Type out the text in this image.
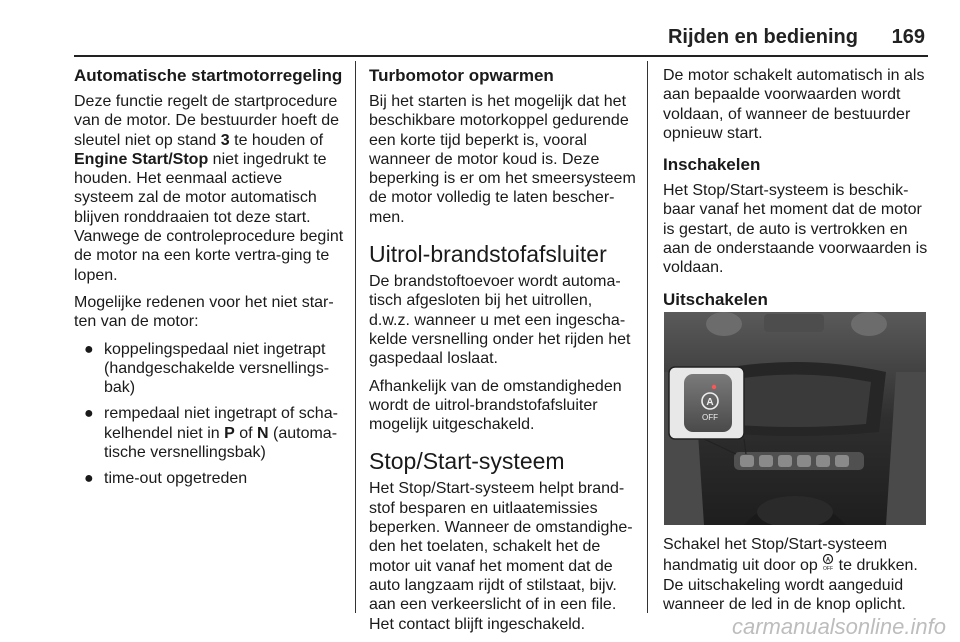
Rijden en bediening 169
Automatische startmotorregeling

Deze functie regelt de startprocedure van de motor. De bestuurder hoeft de sleutel niet op stand 3 te houden of Engine Start/Stop niet ingedrukt te houden. Het eenmaal actieve systeem zal de motor automatisch blijven ronddraaien tot deze start. Vanwege de controleprocedure begint de motor na een korte vertra-ging te lopen.

Mogelijke redenen voor het niet star-ten van de motor:

● koppelingspedaal niet ingetrapt (handgeschakelde versnellings-bak)
● rempedaal niet ingetrapt of scha-kelhendel niet in P of N (automa-tische versnellingsbak)
● time-out opgetreden
Turbomotor opwarmen

Bij het starten is het mogelijk dat het beschikbare motorkoppel gedurende een korte tijd beperkt is, vooral wanneer de motor koud is. Deze beperking is er om het smeersysteem de motor volledig te laten bescher-men.

Uitrol-brandstofafsluiter

De brandstoftoevoer wordt automa-tisch afgesloten bij het uitrollen, d.w.z. wanneer u met een ingescha-kelde versnelling onder het rijden het gaspedaal loslaat.

Afhankelijk van de omstandigheden wordt de uitrol-brandstofafsluiter mogelijk uitgeschakeld.

Stop/Start-systeem

Het Stop/Start-systeem helpt brand-stof besparen en uitlaatemissies beperken. Wanneer de omstandighe-den het toelaten, schakelt het de motor uit vanaf het moment dat de auto langzaam rijdt of stilstaat, bijv. aan een verkeerslicht of in een file. Het contact blijft ingeschakeld.

De motor schakelt automatisch in als aan bepaalde voorwaarden wordt voldaan, of wanneer de bestuurder opnieuw start.

Inschakelen

Het Stop/Start-systeem is beschik-baar vanaf het moment dat de motor is gestart, de auto is vertrokken en aan de onderstaande voorwaarden is voldaan.

Uitschakelen
A
OFF

Schakel het Stop/Start-systeem handmatig uit door op A
OFF te drukken. De uitschakeling wordt aangeduid wanneer de led in de knop oplicht.

carmanualsonline.info
